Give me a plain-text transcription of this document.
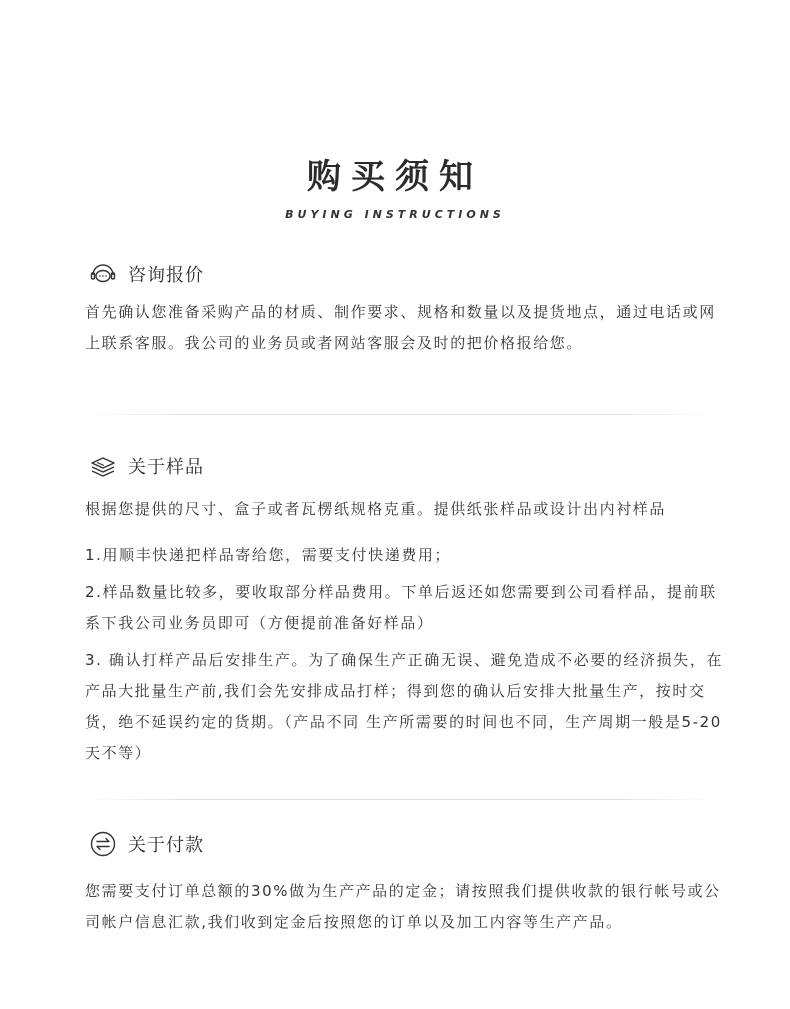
购买须知
BUYING INSTRUCTIONS
咨询报价

首先确认您准备采购产品的材质、制作要求、规格和数量以及提货地点，通过电话或网上联系客服。我公司的业务员或者网站客服会及时的把价格报给您。

关于样品

根据您提供的尺寸、盒子或者瓦楞纸规格克重。提供纸张样品或设计出内衬样品

1.用顺丰快递把样品寄给您，需要支付快递费用；

2.样品数量比较多，要收取部分样品费用。下单后返还如您需要到公司看样品，提前联系下我公司业务员即可（方便提前准备好样品）

3. 确认打样产品后安排生产。为了确保生产正确无误、避免造成不必要的经济损失，在产品大批量生产前,我们会先安排成品打样；得到您的确认后安排大批量生产，按时交货，绝不延误约定的货期。（产品不同 生产所需要的时间也不同，生产周期一般是5-20天不等）

关于付款

您需要支付订单总额的30%做为生产产品的定金；请按照我们提供收款的银行帐号或公司帐户信息汇款,我们收到定金后按照您的订单以及加工内容等生产产品。
